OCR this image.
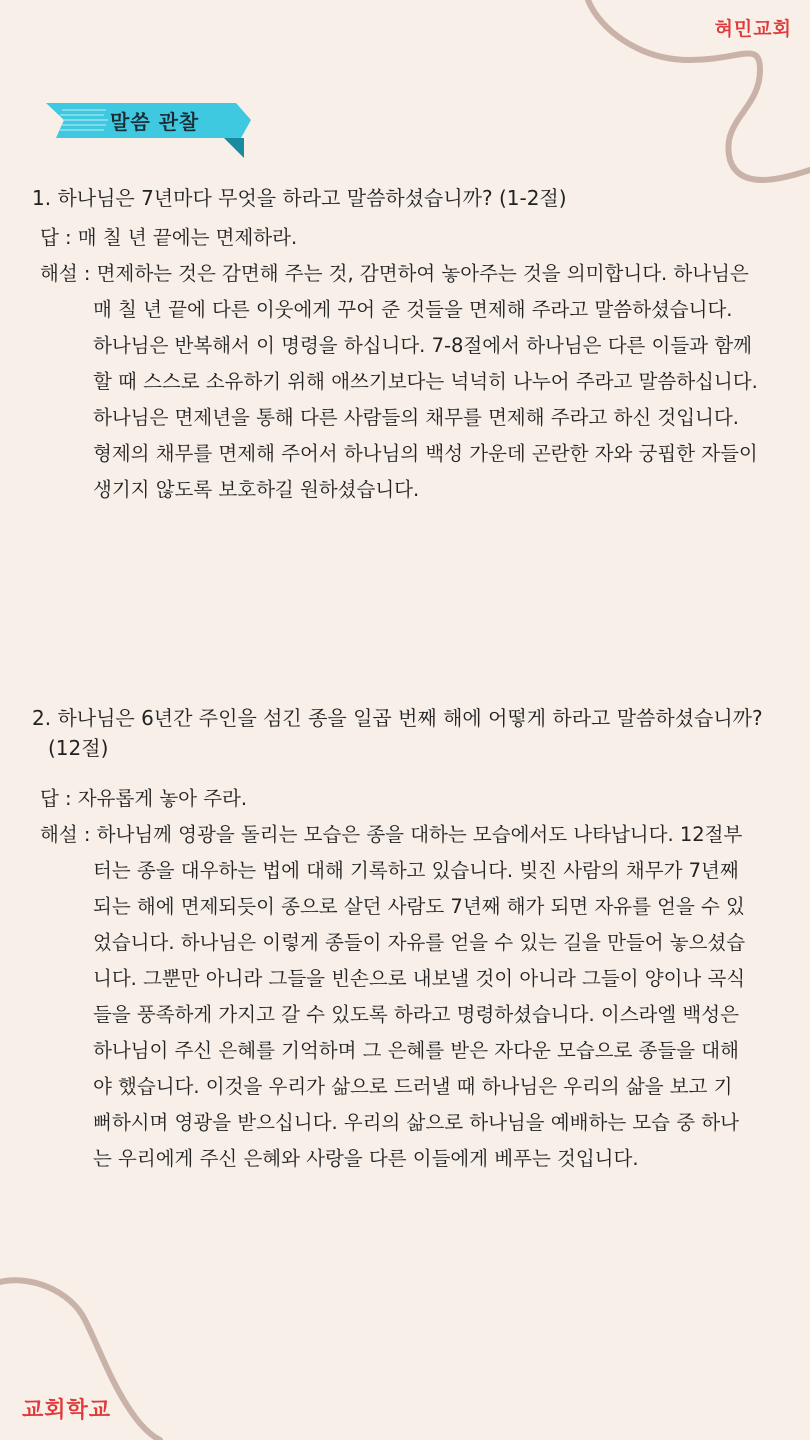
혀민교회
말씀 관찰
1. 하나님은 7년마다 무엇을 하라고 말씀하셨습니까? (1-2절)
답 : 매 칠 년 끝에는 면제하라.
해설 : 면제하는 것은 감면해 주는 것, 감면하여 놓아주는 것을 의미합니다. 하나님은
매 칠 년 끝에 다른 이웃에게 꾸어 준 것들을 면제해 주라고 말씀하셨습니다.
하나님은 반복해서 이 명령을 하십니다. 7-8절에서 하나님은 다른 이들과 함께
할 때 스스로 소유하기 위해 애쓰기보다는 넉넉히 나누어 주라고 말씀하십니다.
하나님은 면제년을 통해 다른 사람들의 채무를 면제해 주라고 하신 것입니다.
형제의 채무를 면제해 주어서 하나님의 백성 가운데 곤란한 자와 궁핍한 자들이
생기지 않도록 보호하길 원하셨습니다.
2. 하나님은 6년간 주인을 섬긴 종을 일곱 번째 해에 어떻게 하라고 말씀하셨습니까?
(12절)
답 : 자유롭게 놓아 주라.
해설 : 하나님께 영광을 돌리는 모습은 종을 대하는 모습에서도 나타납니다. 12절부
터는 종을 대우하는 법에 대해 기록하고 있습니다. 빚진 사람의 채무가 7년째
되는 해에 면제되듯이 종으로 살던 사람도 7년째 해가 되면 자유를 얻을 수 있
었습니다. 하나님은 이렇게 종들이 자유를 얻을 수 있는 길을 만들어 놓으셨습
니다. 그뿐만 아니라 그들을 빈손으로 내보낼 것이 아니라 그들이 양이나 곡식
들을 풍족하게 가지고 갈 수 있도록 하라고 명령하셨습니다. 이스라엘 백성은
하나님이 주신 은혜를 기억하며 그 은혜를 받은 자다운 모습으로 종들을 대해
야 했습니다. 이것을 우리가 삶으로 드러낼 때 하나님은 우리의 삶을 보고 기
뻐하시며 영광을 받으십니다. 우리의 삶으로 하나님을 예배하는 모습 중 하나
는 우리에게 주신 은혜와 사랑을 다른 이들에게 베푸는 것입니다.
교회학교
